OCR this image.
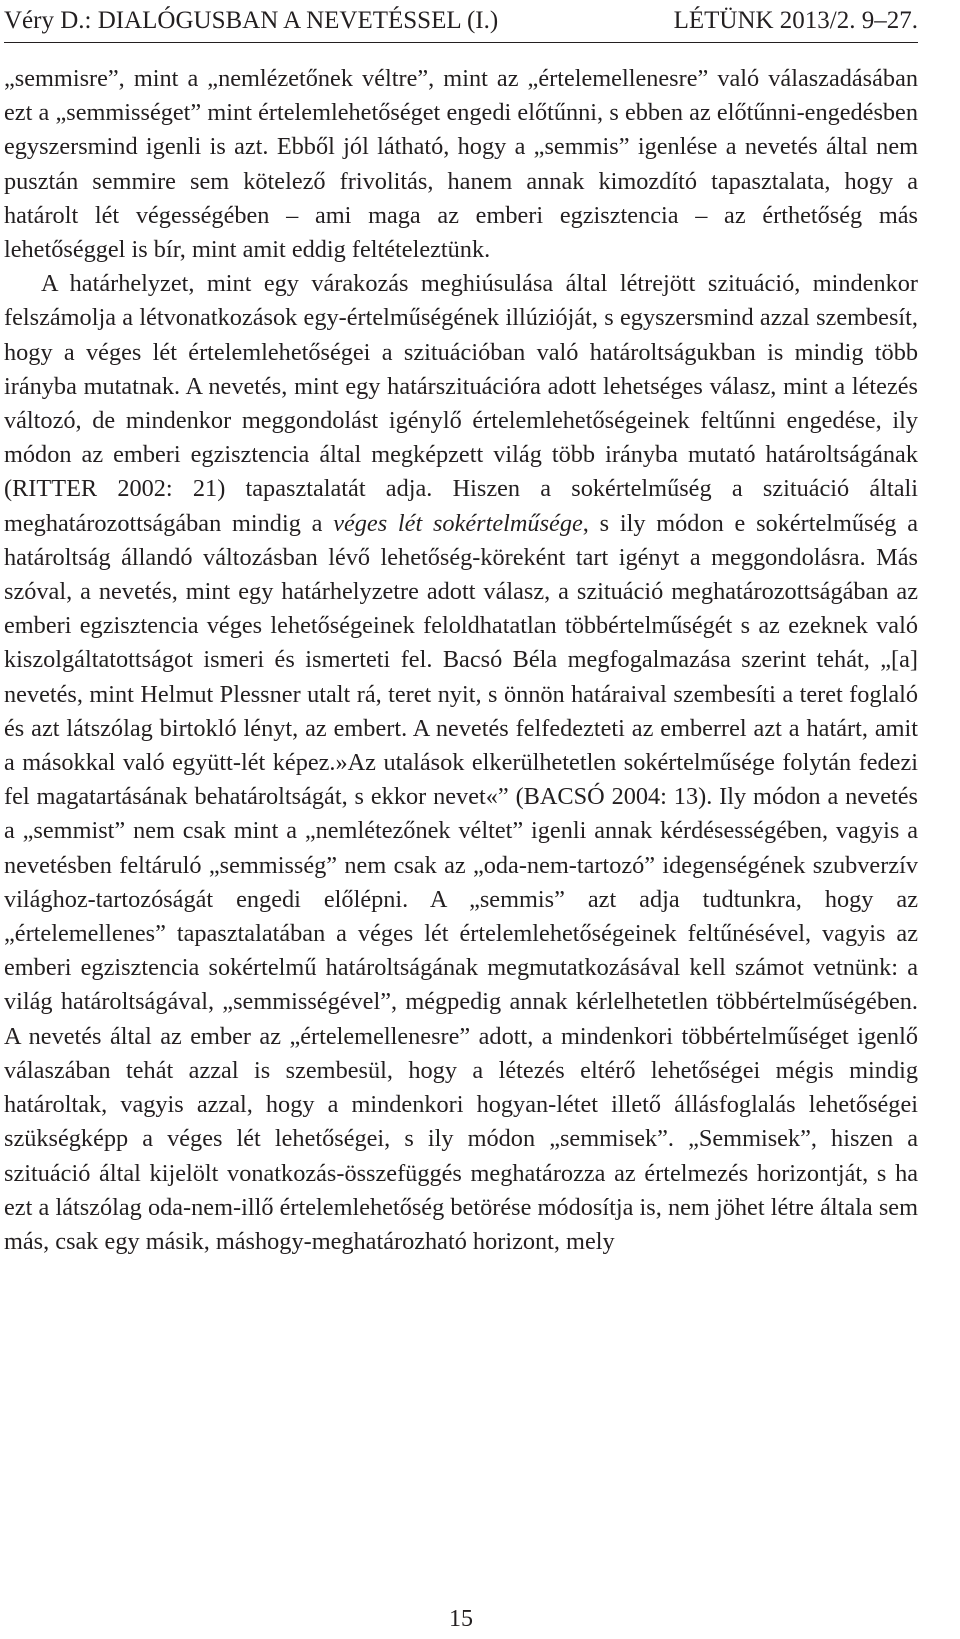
Véry D.: DIALÓGUSBAN A NEVETÉSSEL (I.)	LÉTÜNK 2013/2. 9–27.

„semmisre”, mint a „nemlézetőnek véltre”, mint az „értelemellenesre” való válaszadásában ezt a „semmisséget” mint értelemlehetőséget engedi előtűnni, s ebben az előtűnni-engedésben egyszersmind igenli is azt. Ebből jól látható, hogy a „semmis” igenlése a nevetés által nem pusztán semmire sem kötelező frivolitás, hanem annak kimozdító tapasztalata, hogy a határolt lét végességében – ami maga az emberi egzisztencia – az érthetőség más lehetőséggel is bír, mint amit eddig feltételeztünk.

A határhelyzet, mint egy várakozás meghiúsulása által létrejött szituáció, mindenkor felszámolja a létvonatkozások egy-értelműségének illúzióját, s egyszersmind azzal szembesít, hogy a véges lét értelemlehetőségei a szituációban való határoltságukban is mindig több irányba mutatnak. A nevetés, mint egy határszituációra adott lehetséges válasz, mint a létezés változó, de mindenkor meggondolást igénylő értelemlehetőségeinek feltűnni engedése, ily módon az emberi egzisztencia által megképzett világ több irányba mutató határoltságának (RITTER 2002: 21) tapasztalatát adja. Hiszen a sokértelműség a szituáció általi meghatározottságában mindig a véges lét sokértelműsége, s ily módon e sokértelműség a határoltság állandó változásban lévő lehetőség-köreként tart igényt a meggondolásra. Más szóval, a nevetés, mint egy határhelyzetre adott válasz, a szituáció meghatározottságában az emberi egzisztencia véges lehetőségeinek feloldhatatlan többértelműségét s az ezeknek való kiszolgáltatottságot ismeri és ismerteti fel. Bacsó Béla megfogalmazása szerint tehát, „[a] nevetés, mint Helmut Plessner utalt rá, teret nyit, s önnön határaival szembesíti a teret foglaló és azt látszólag birtokló lényt, az embert. A nevetés felfedezteti az emberrel azt a határt, amit a másokkal való együtt-lét képez.»Az utalások elkerülhetetlen sokértelműsége folytán fedezi fel magatartásának behatároltságát, s ekkor nevet«” (BACSÓ 2004: 13). Ily módon a nevetés a „semmist” nem csak mint a „nemlétezőnek véltet” igenli annak kérdésességében, vagyis a nevetésben feltáruló „semmisség” nem csak az „oda-nem-tartozó” idegenségének szubverzív világhoz-tartozóságát engedi előlépni. A „semmis” azt adja tudtunkra, hogy az „értelemellenes” tapasztalatában a véges lét értelemlehetőségeinek feltűnésével, vagyis az emberi egzisztencia sokértelmű határoltságának megmutatkozásával kell számot vetnünk: a világ határoltságával, „semmisségével”, mégpedig annak kérlelhetetlen többértelműségében. A nevetés által az ember az „értelemellenesre” adott, a mindenkori többértelműséget igenlő válaszában tehát azzal is szembesül, hogy a létezés eltérő lehetőségei mégis mindig határoltak, vagyis azzal, hogy a mindenkori hogyan-létet illető állásfoglalás lehetőségei szükségképp a véges lét lehetőségei, s ily módon „semmisek”. „Semmisek”, hiszen a szituáció által kijelölt vonatkozás-összefüggés meghatározza az értelmezés horizontját, s ha ezt a látszólag oda-nem-illő értelemlehetőség betörése módosítja is, nem jöhet létre általa sem más, csak egy másik, máshogy-meghatározható horizont, mely

15
